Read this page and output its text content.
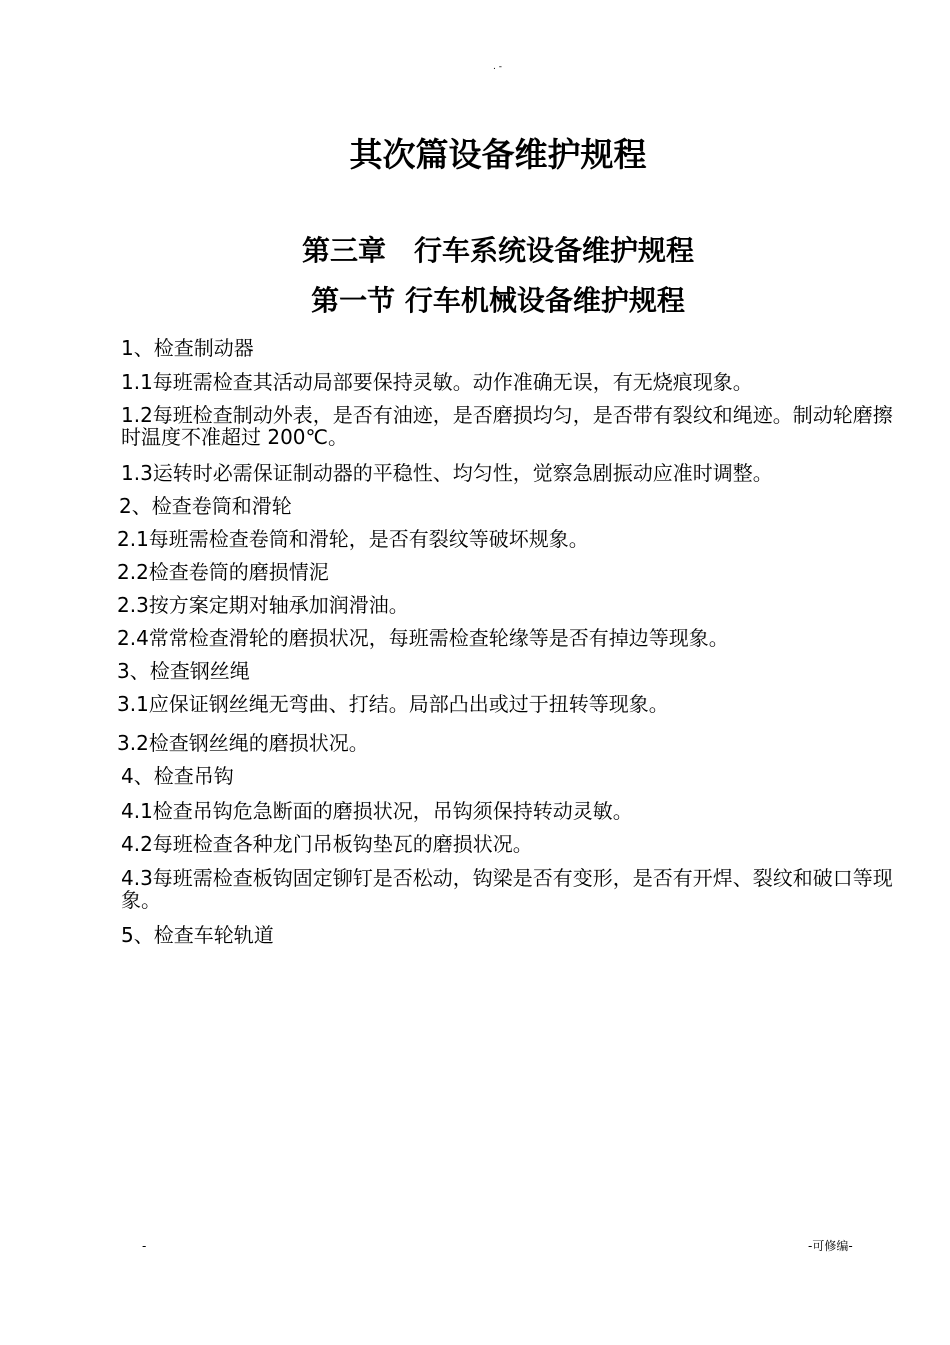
. -
其次篇设备维护规程
第三章　行车系统设备维护规程
第一节 行车机械设备维护规程
1、检查制动器
1.1每班需检查其活动局部要保持灵敏。动作准确无误，有无烧痕现象。
1.2每班检查制动外表，是否有油迹，是否磨损均匀，是否带有裂纹和绳迹。制动轮磨擦时温度不准超过 200℃。
1.3运转时必需保证制动器的平稳性、均匀性，觉察急剧振动应准时调整。
2、检查卷筒和滑轮
2.1每班需检查卷筒和滑轮，是否有裂纹等破坏规象。
2.2检查卷筒的磨损情泥
2.3按方案定期对轴承加润滑油。
2.4常常检查滑轮的磨损状况，每班需检查轮缘等是否有掉边等现象。
3、检查钢丝绳
3.1应保证钢丝绳无弯曲、打结。局部凸出或过于扭转等现象。
3.2检查钢丝绳的磨损状况。
4、检查吊钩
4.1检查吊钩危急断面的磨损状况，吊钩须保持转动灵敏。
4.2每班检查各种龙门吊板钩垫瓦的磨损状况。
4.3每班需检查板钩固定铆钉是否松动，钩梁是否有变形，是否有开焊、裂纹和破口等现象。
5、检查车轮轨道
-	-可修编-
